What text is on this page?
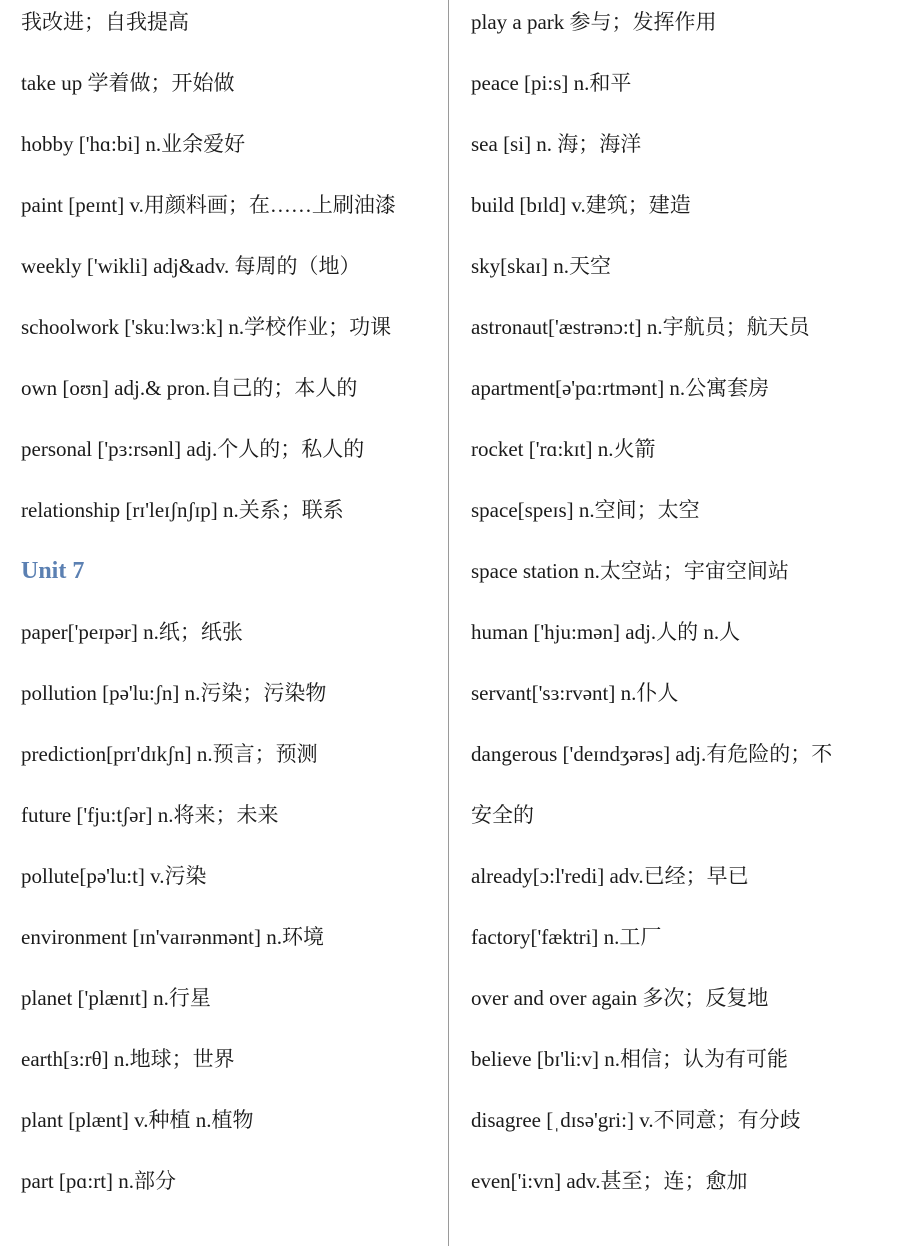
我改进；自我提高
take up 学着做；开始做
hobby ['hɑ:bi] n.业余爱好
paint [peɪnt] v.用颜料画；在……上刷油漆
weekly ['wikli] adj&adv. 每周的（地）
schoolwork ['skuːlwɜːk] n.学校作业；功课
own [oʊn] adj.& pron.自己的；本人的
personal ['pɜ:rsənl] adj.个人的；私人的
relationship [rɪ'leɪʃnʃɪp] n.关系；联系
Unit 7
paper['peɪpər] n.纸；纸张
pollution [pə'lu:ʃn] n.污染；污染物
prediction[prɪ'dɪkʃn] n.预言；预测
future ['fju:tʃər] n.将来；未来
pollute[pə'lu:t] v.污染
environment [ɪn'vaɪrənmənt] n.环境
planet ['plænɪt] n.行星
earth[ɜ:rθ] n.地球；世界
plant [plænt] v.种植 n.植物
part [pɑ:rt] n.部分
play a park 参与；发挥作用
peace [pi:s] n.和平
sea [si] n. 海；海洋
build [bɪld] v.建筑；建造
sky[skaɪ] n.天空
astronaut['æstrənɔ:t] n.宇航员；航天员
apartment[ə'pɑ:rtmənt] n.公寓套房
rocket ['rɑ:kɪt] n.火箭
space[speɪs] n.空间；太空
space station n.太空站；宇宙空间站
human ['hju:mən] adj.人的 n.人
servant['sɜ:rvənt] n.仆人
dangerous ['deɪndʒərəs] adj.有危险的；不
安全的
already[ɔ:l'redi] adv.已经；早已
factory['fæktri] n.工厂
over and over again 多次；反复地
believe [bɪ'li:v] n.相信；认为有可能
disagree [ˌdɪsə'gri:] v.不同意；有分歧
even['i:vn] adv.甚至；连；愈加
